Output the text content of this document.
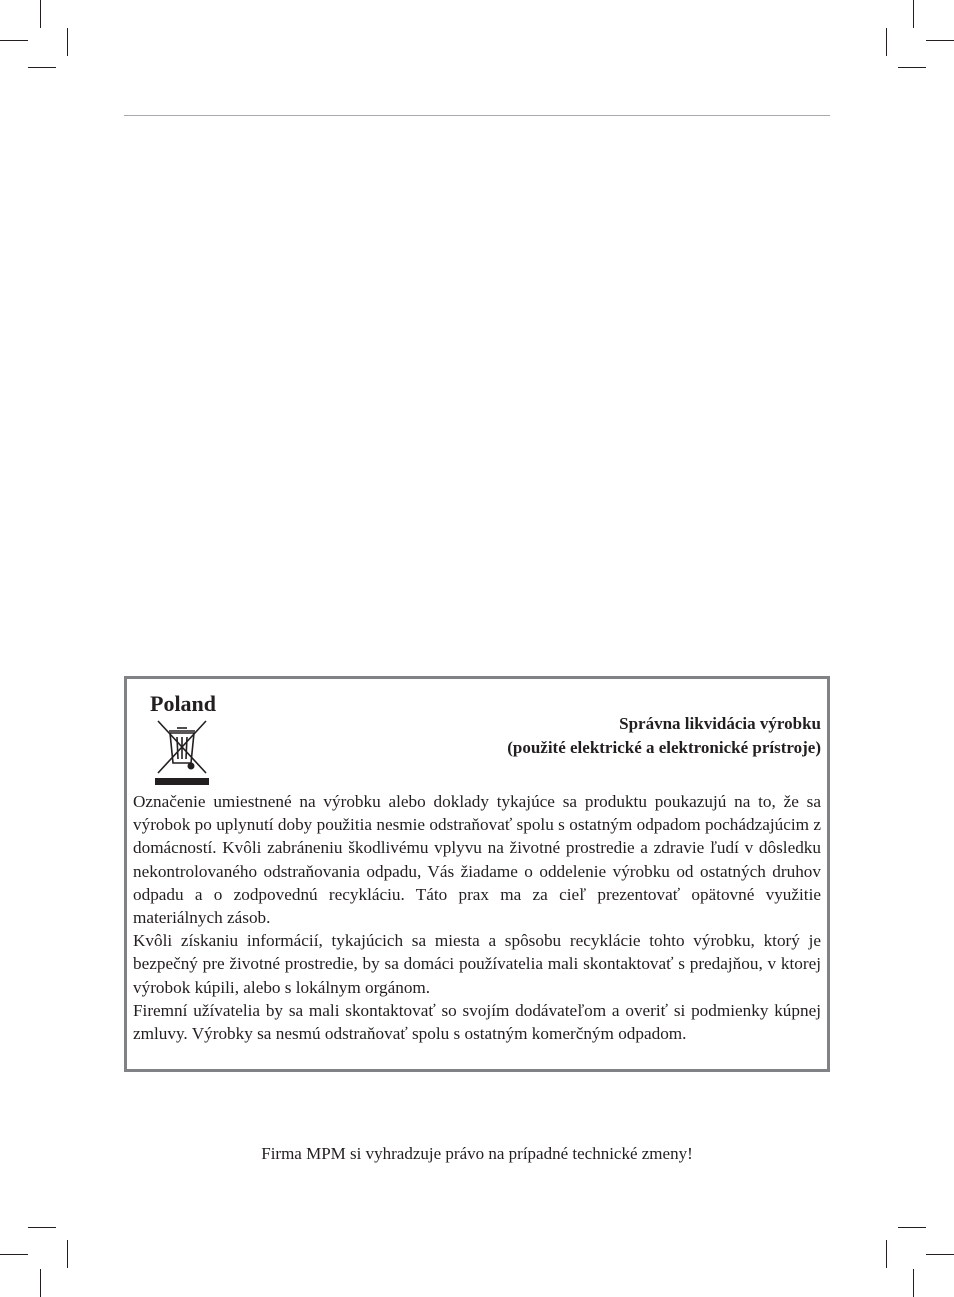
Poland
Správna likvidácia výrobku
(použité elektrické a elektronické prístroje)

Označenie umiestnené na výrobku alebo doklady tykajúce sa produktu poukazujú na to, že sa výrobok po uplynutí doby použitia nesmie odstraňovať spolu s ostatným odpadom pochádzajúcim z domácností. Kvôli zabráneniu škodlivému vplyvu na životné prostredie a zdravie ľudí v dôsledku nekontrolovaného odstraňovania odpadu, Vás žiadame o oddelenie výrobku od ostatných druhov odpadu a o zodpovednú recykláciu. Táto prax ma za cieľ prezentovať opätovné využitie materiálnych zásob.

Kvôli získaniu informácií, tykajúcich sa miesta a spôsobu recyklácie tohto výrobku, ktorý je bezpečný pre životné prostredie, by sa domáci používatelia mali skontaktovať s predajňou, v ktorej výrobok kúpili, alebo s lokálnym orgánom.

Firemní užívatelia by sa mali skontaktovať so svojím dodávateľom a overiť si podmienky kúpnej zmluvy. Výrobky sa nesmú odstraňovať spolu s ostatným komerčným odpadom.

Firma MPM si vyhradzuje právo na prípadné technické zmeny!
